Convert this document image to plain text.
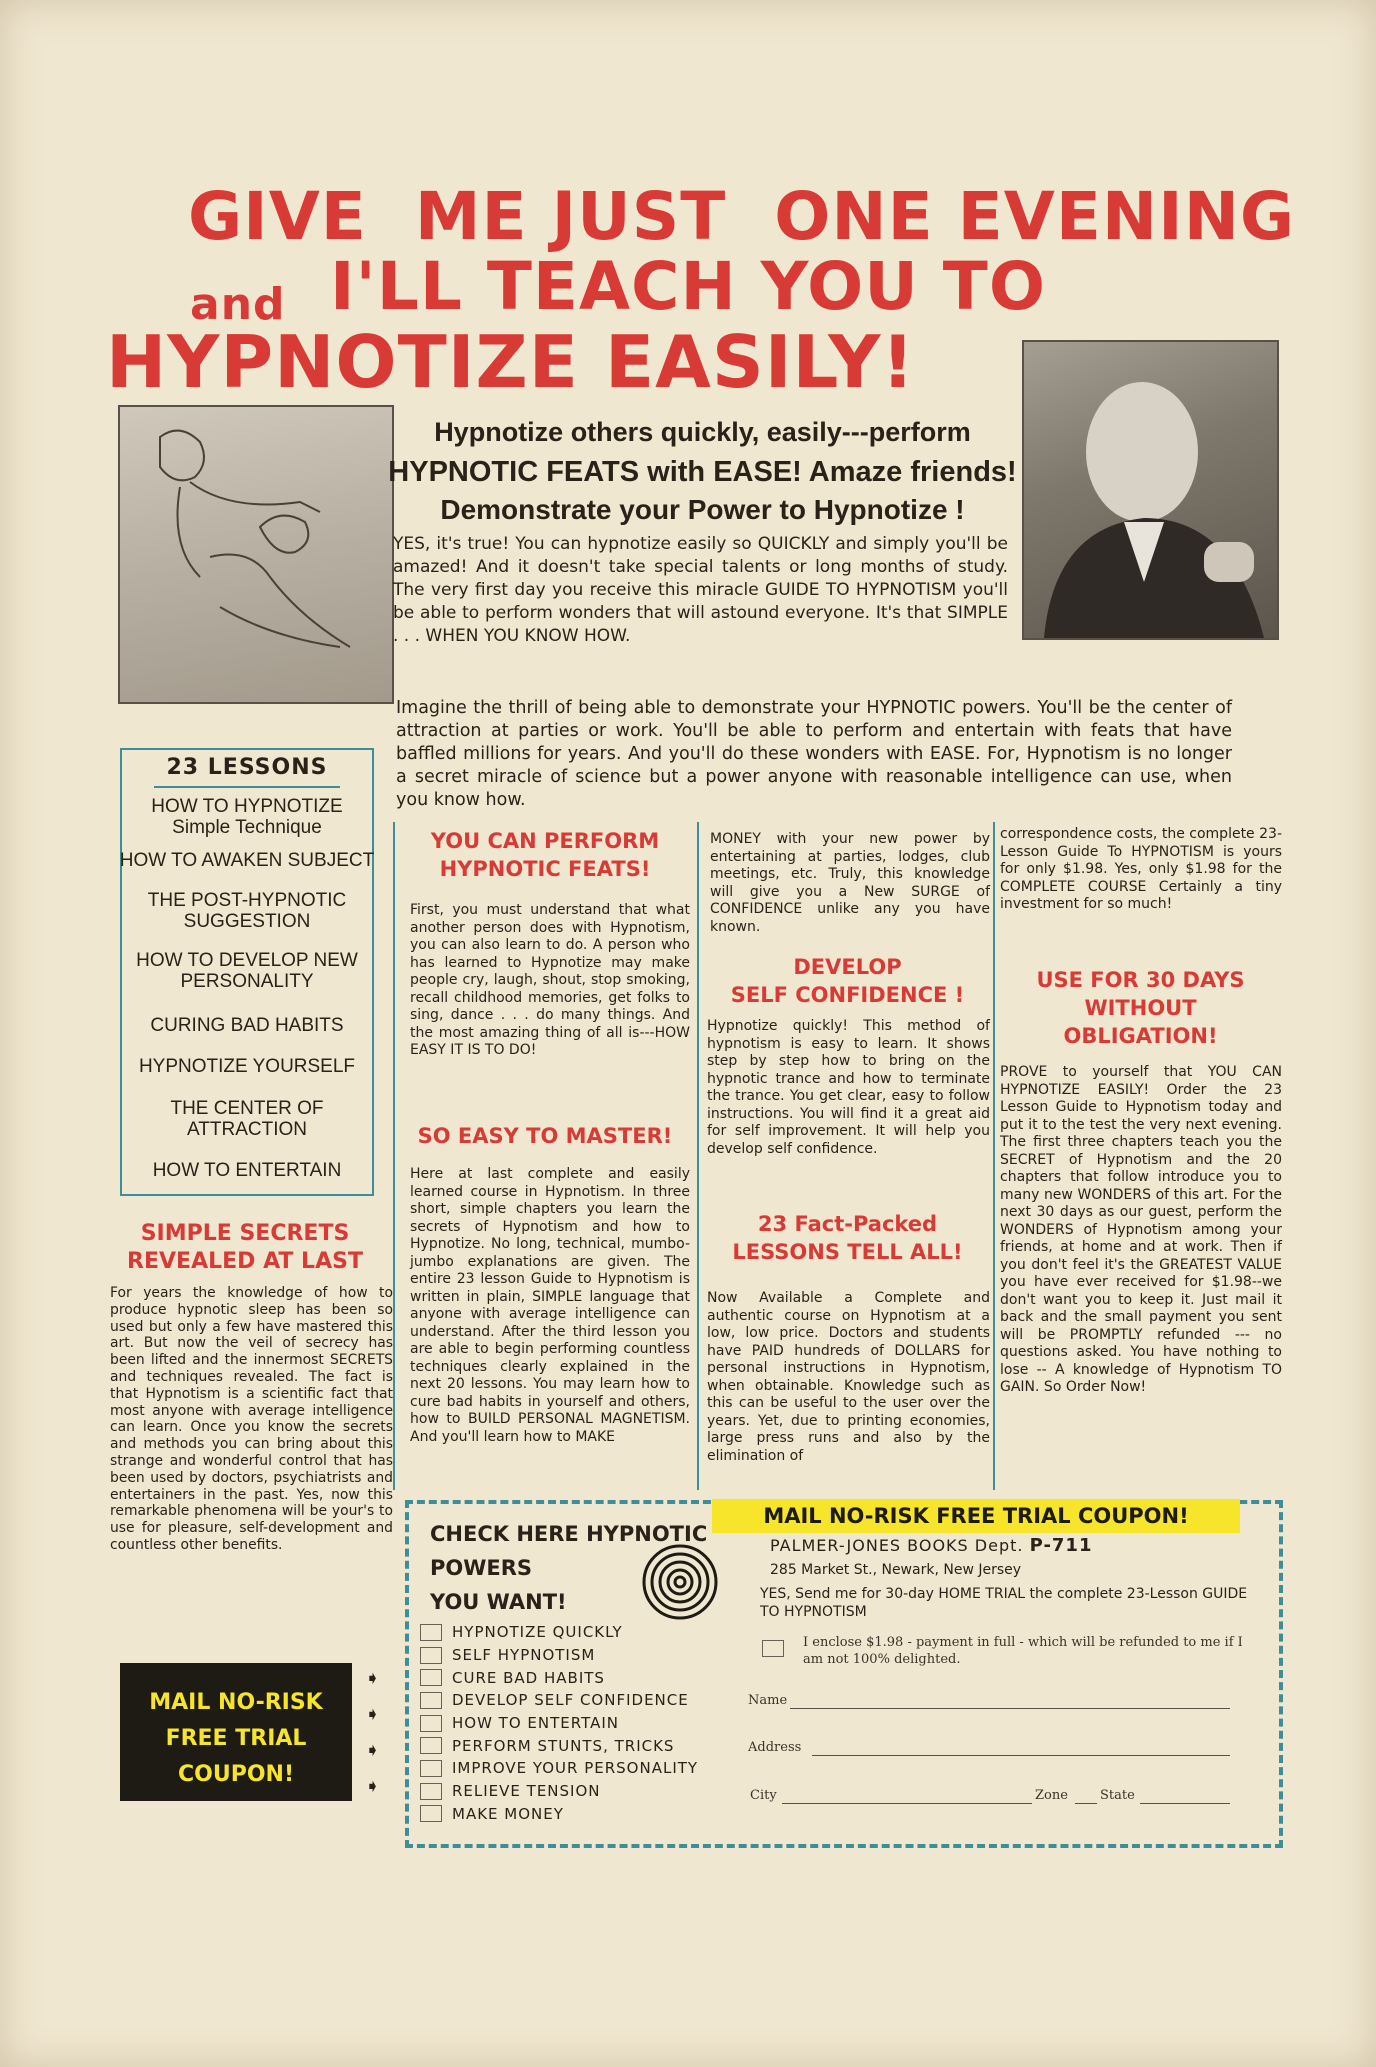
GIVE  ME JUST  ONE EVENING
and I'LL TEACH YOU TO
HYPNOTIZE EASILY!
Hypnotize others quickly, easily---perform
HYPNOTIC FEATS with EASE! Amaze friends!
Demonstrate your Power to Hypnotize !
YES, it's true! You can hypnotize easily so QUICKLY and simply you'll be amazed! And it doesn't take special talents or long months of study. The very first day you receive this miracle GUIDE TO HYPNOTISM you'll be able to perform wonders that will astound everyone. It's that SIMPLE . . . WHEN YOU KNOW HOW.
Imagine the thrill of being able to demonstrate your HYPNOTIC powers. You'll be the center of attraction at parties or work. You'll be able to perform and entertain with feats that have baffled millions for years. And you'll do these wonders with EASE. For, Hypnotism is no longer a secret miracle of science but a power anyone with reasonable intelligence can use, when you know how.
23 LESSONS
HOW TO HYPNOTIZE
Simple Technique
HOW TO AWAKEN SUBJECT
THE POST-HYPNOTIC
SUGGESTION
HOW TO DEVELOP NEW
PERSONALITY
CURING BAD HABITS
HYPNOTIZE YOURSELF
THE CENTER OF
ATTRACTION
HOW TO ENTERTAIN
SIMPLE SECRETS
REVEALED AT LAST
For years the knowledge of how to produce hypnotic sleep has been so used but only a few have mastered this art. But now the veil of secrecy has been lifted and the innermost SECRETS and techniques revealed. The fact is that Hypnotism is a scientific fact that most anyone with average intelligence can learn. Once you know the secrets and methods you can bring about this strange and wonderful control that has been used by doctors, psychiatrists and entertainers in the past. Yes, now this remarkable phenomena will be your's to use for pleasure, self-development and countless other benefits.
MAIL NO-RISK
FREE TRIAL
COUPON!
➧
➧
➧
➧
YOU CAN PERFORM
HYPNOTIC FEATS!
First, you must understand that what another person does with Hypnotism, you can also learn to do. A person who has learned to Hypnotize may make people cry, laugh, shout, stop smoking, recall childhood memories, get folks to sing, dance . . . do many things. And the most amazing thing of all is---HOW EASY IT IS TO DO!
SO EASY TO MASTER!
Here at last complete and easily learned course in Hypnotism. In three short, simple chapters you learn the secrets of Hypnotism and how to Hypnotize. No long, technical, mumbo-jumbo explanations are given. The entire 23 lesson Guide to Hypnotism is written in plain, SIMPLE language that anyone with average intelligence can understand. After the third lesson you are able to begin performing countless techniques clearly explained in the next 20 lessons. You may learn how to cure bad habits in yourself and others, how to BUILD PERSONAL MAGNETISM. And you'll learn how to MAKE
MONEY with your new power by entertaining at parties, lodges, club meetings, etc. Truly, this knowledge will give you a New SURGE of CONFIDENCE unlike any you have known.
DEVELOP
SELF CONFIDENCE !
Hypnotize quickly! This method of hypnotism is easy to learn. It shows step by step how to bring on the hypnotic trance and how to terminate the trance. You get clear, easy to follow instructions. You will find it a great aid for self improvement. It will help you develop self confidence.
23 Fact-Packed
LESSONS TELL ALL!
Now Available a Complete and authentic course on Hypnotism at a low, low price. Doctors and students have PAID hundreds of DOLLARS for personal instructions in Hypnotism, when obtainable. Knowledge such as this can be useful to the user over the years. Yet, due to printing economies, large press runs and also by the elimination of
correspondence costs, the complete 23-Lesson Guide To HYPNOTISM is yours for only $1.98. Yes, only $1.98 for the COMPLETE COURSE Certainly a tiny investment for so much!
USE FOR 30 DAYS
WITHOUT
OBLIGATION!
PROVE to yourself that YOU CAN HYPNOTIZE EASILY! Order the 23 Lesson Guide to Hypnotism today and put it to the test the very next evening. The first three chapters teach you the SECRET of Hypnotism and the 20 chapters that follow introduce you to many new WONDERS of this art. For the next 30 days as our guest, perform the WONDERS of Hypnotism among your friends, at home and at work. Then if you don't feel it's the GREATEST VALUE you have ever received for $1.98--we don't want you to keep it. Just mail it back and the small payment you sent will be PROMPTLY refunded --- no questions asked. You have nothing to lose -- A knowledge of Hypnotism TO GAIN. So Order Now!
CHECK HERE HYPNOTIC
POWERS
YOU WANT!
HYPNOTIZE QUICKLY
SELF HYPNOTISM
CURE BAD HABITS
DEVELOP SELF CONFIDENCE
HOW TO ENTERTAIN
PERFORM STUNTS, TRICKS
IMPROVE YOUR PERSONALITY
RELIEVE TENSION
MAKE MONEY
MAIL NO-RISK FREE TRIAL COUPON!
PALMER-JONES BOOKS Dept. P-711
285 Market St., Newark, New Jersey
YES, Send me for 30-day HOME TRIAL the complete 23-Lesson GUIDE TO HYPNOTISM
I enclose $1.98 - payment in full - which will be refunded to me if I am not 100% delighted.
Name
Address
City	Zone State
